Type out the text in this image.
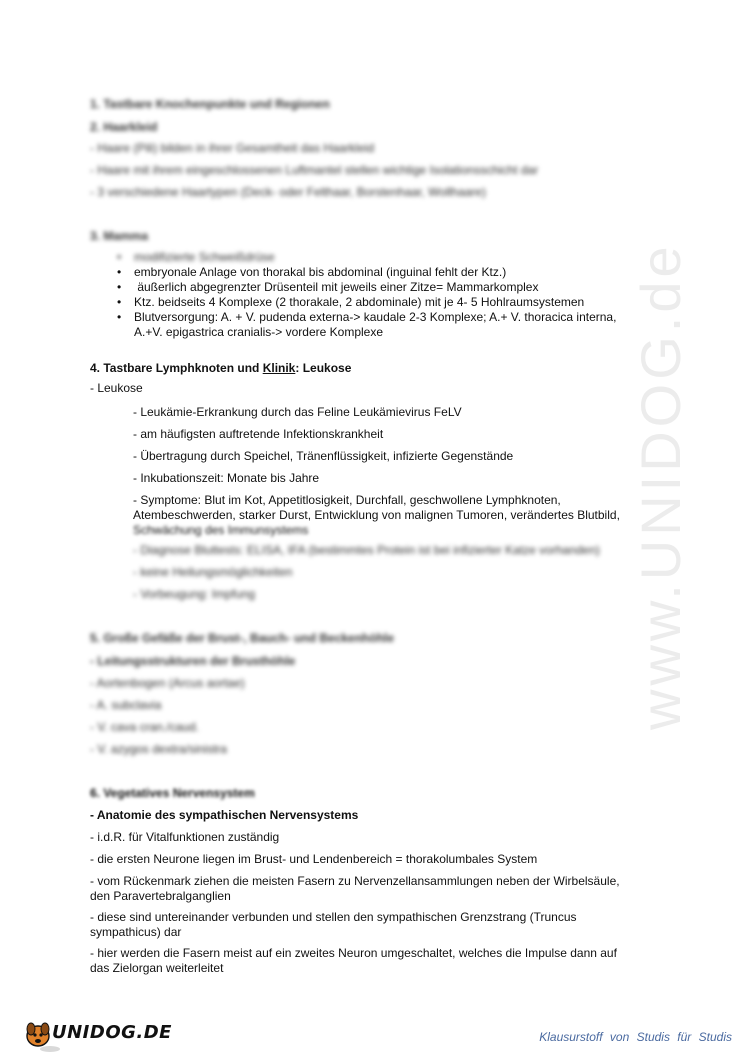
www.UNIDOG.de
1. Tastbare Knochenpunkte und Regionen
2. Haarkleid
- Haare (Pili) bilden in ihrer Gesamtheit das Haarkleid
- Haare mit ihrem eingeschlossenen Luftmantel stellen wichtige Isolationsschicht dar
- 3 verschiedene Haartypen (Deck- oder Felthaar, Borstenhaar, Wollhaare)
3. Mamma
• modifizierte Schweißdrüse
• embryonale Anlage von thorakal bis abdominal (inguinal fehlt der Ktz.)
• äußerlich abgegrenzter Drüsenteil mit jeweils einer Zitze= Mammarkomplex
• Ktz. beidseits 4 Komplexe (2 thorakale, 2 abdominale) mit je 4- 5 Hohlraumsystemen
• Blutversorgung: A. + V. pudenda externa-> kaudale 2-3 Komplexe; A.+ V. thoracica interna,
A.+V. epigastrica cranialis-> vordere Komplexe
4. Tastbare Lymphknoten und Klinik: Leukose
- Leukose
- Leukämie-Erkrankung durch das Feline Leukämievirus FeLV
- am häufigsten auftretende Infektionskrankheit
- Übertragung durch Speichel, Tränenflüssigkeit, infizierte Gegenstände
- Inkubationszeit: Monate bis Jahre
- Symptome: Blut im Kot, Appetitlosigkeit, Durchfall, geschwollene Lymphknoten,
Atembeschwerden, starker Durst, Entwicklung von malignen Tumoren, verändertes Blutbild,
Schwächung des Immunsystems
- Diagnose Bluttests: ELISA, IFA (bestimmtes Protein ist bei infizierter Katze vorhanden)
- keine Heilungsmöglichkeiten
- Vorbeugung: Impfung
5. Große Gefäße der Brust-, Bauch- und Beckenhöhle
- Leitungsstrukturen der Brusthöhle
- Aortenbogen (Arcus aortae)
- A. subclavia
- V. cava cran./caud.
- V. azygos dextra/sinistra
6. Vegetatives Nervensystem
- Anatomie des sympathischen Nervensystems
- i.d.R. für Vitalfunktionen zuständig
- die ersten Neurone liegen im Brust- und Lendenbereich = thorakolumbales System
- vom Rückenmark ziehen die meisten Fasern zu Nervenzellansammlungen neben der Wirbelsäule,
den Paravertebralganglien
- diese sind untereinander verbunden und stellen den sympathischen Grenzstrang (Truncus
sympathicus) dar
- hier werden die Fasern meist auf ein zweites Neuron umgeschaltet, welches die Impulse dann auf
das Zielorgan weiterleitet
UNIDOG.DE	Klausurstoff von Studis für Studis
